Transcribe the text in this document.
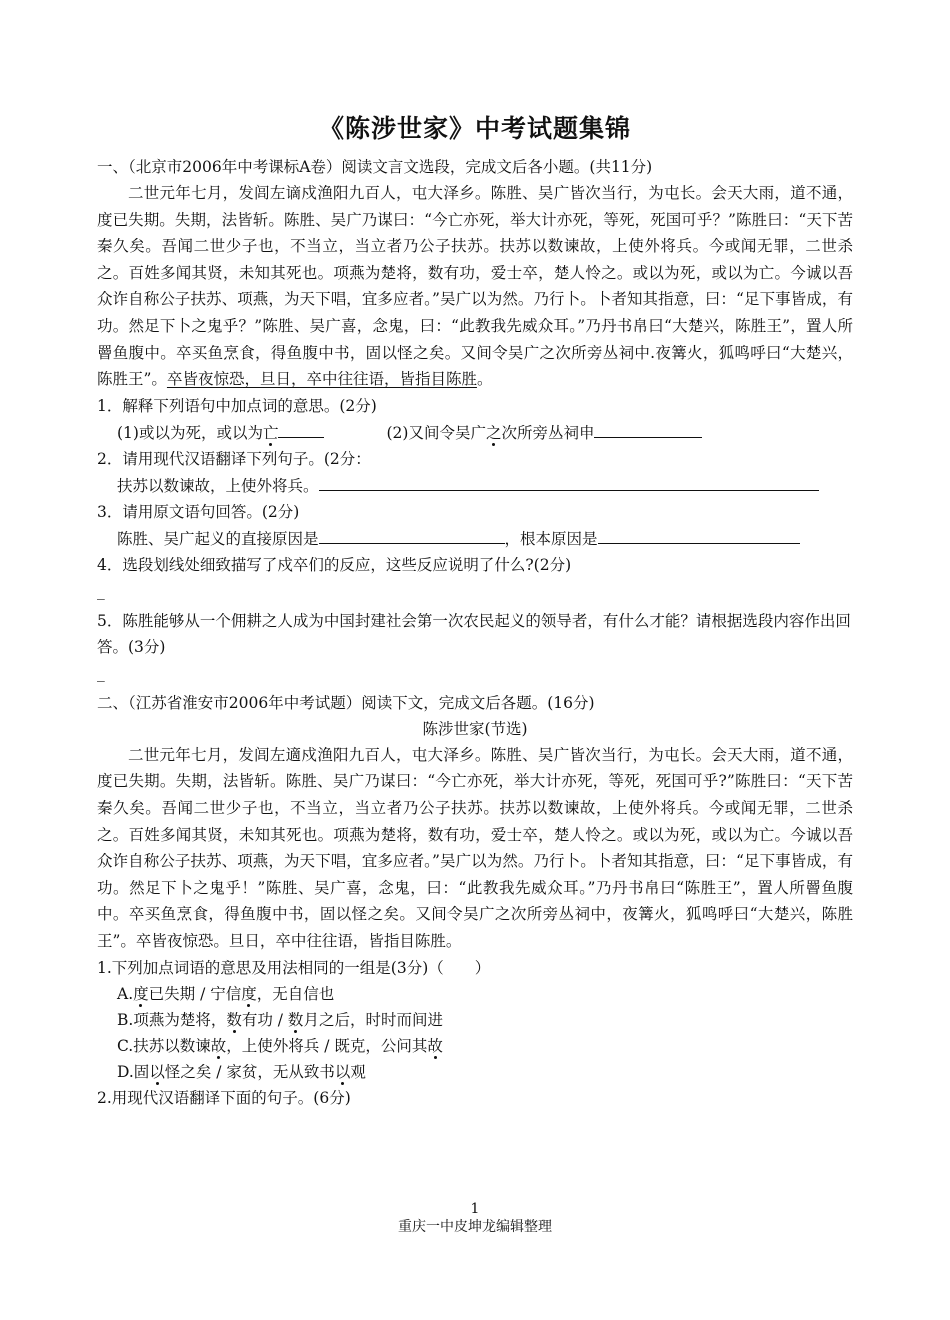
《陈涉世家》中考试题集锦

一、（北京市2006年中考课标A卷）阅读文言文选段，完成文后各小题。(共11分)

二世元年七月，发闾左谪戍渔阳九百人，屯大泽乡。陈胜、吴广皆次当行，为屯长。会天大雨，道不通，度已失期。失期，法皆斩。陈胜、吴广乃谋曰：“今亡亦死，举大计亦死，等死，死国可乎？”陈胜曰：“天下苦秦久矣。吾闻二世少子也，不当立，当立者乃公子扶苏。扶苏以数谏故，上使外将兵。今或闻无罪，二世杀之。百姓多闻其贤，未知其死也。项燕为楚将，数有功，爱士卒，楚人怜之。或以为死，或以为亡。今诚以吾众诈自称公子扶苏、项燕，为天下唱，宜多应者。”吴广以为然。乃行卜。卜者知其指意，曰：“足下事皆成，有功。然足下卜之鬼乎？”陈胜、吴广喜，念鬼，曰：“此教我先威众耳。”乃丹书帛曰“大楚兴，陈胜王”，置人所罾鱼腹中。卒买鱼烹食，得鱼腹中书，固以怪之矣。又间令吴广之次所旁丛祠中.夜篝火，狐鸣呼曰“大楚兴，陈胜王”。卒皆夜惊恐，旦日，卒中往往语，皆指目陈胜。

1．解释下列语句中加点词的意思。(2分)

(1)或以为死，或以为亡	(2)又间令吴广之次所旁丛祠申

2．请用现代汉语翻译下列句子。(2分：

扶苏以数谏故，上使外将兵。

3．请用原文语句回答。(2分)

陈胜、吴广起义的直接原因是	，根本原因是

4．选段划线处细致描写了戍卒们的反应，这些反应说明了什么?(2分)

_

5．陈胜能够从一个佣耕之人成为中国封建社会第一次农民起义的领导者，有什么才能？请根据选段内容作出回答。(3分)

_

二、（江苏省淮安市2006年中考试题）阅读下文，完成文后各题。(16分)

陈涉世家(节选)

二世元年七月，发闾左適戍渔阳九百人，屯大泽乡。陈胜、吴广皆次当行，为屯长。会天大雨，道不通，度已失期。失期，法皆斩。陈胜、吴广乃谋曰：“今亡亦死，举大计亦死，等死，死国可乎?”陈胜曰：“天下苦秦久矣。吾闻二世少子也，不当立，当立者乃公子扶苏。扶苏以数谏故，上使外将兵。今或闻无罪，二世杀之。百姓多闻其贤，未知其死也。项燕为楚将，数有功，爱士卒，楚人怜之。或以为死，或以为亡。今诚以吾众诈自称公子扶苏、项燕，为天下唱，宜多应者。”吴广以为然。乃行卜。卜者知其指意，曰：“足下事皆成，有功。然足下卜之鬼乎！”陈胜、吴广喜，念鬼，曰：“此教我先威众耳。”乃丹书帛曰“陈胜王”，置人所罾鱼腹中。卒买鱼烹食，得鱼腹中书，固以怪之矣。又间令吴广之次所旁丛祠中，夜篝火，狐鸣呼曰“大楚兴，陈胜王”。卒皆夜惊恐。旦日，卒中往往语，皆指目陈胜。

1.下列加点词语的意思及用法相同的一组是(3分)（　　）

A.度已失期 / 宁信度，无自信也

B.项燕为楚将，数有功 / 数月之后，时时而间进

C.扶苏以数谏故，上使外将兵 / 既克，公问其故

D.固以怪之矣 / 家贫，无从致书以观

2.用现代汉语翻译下面的句子。(6分)

1
重庆一中皮坤龙编辑整理
